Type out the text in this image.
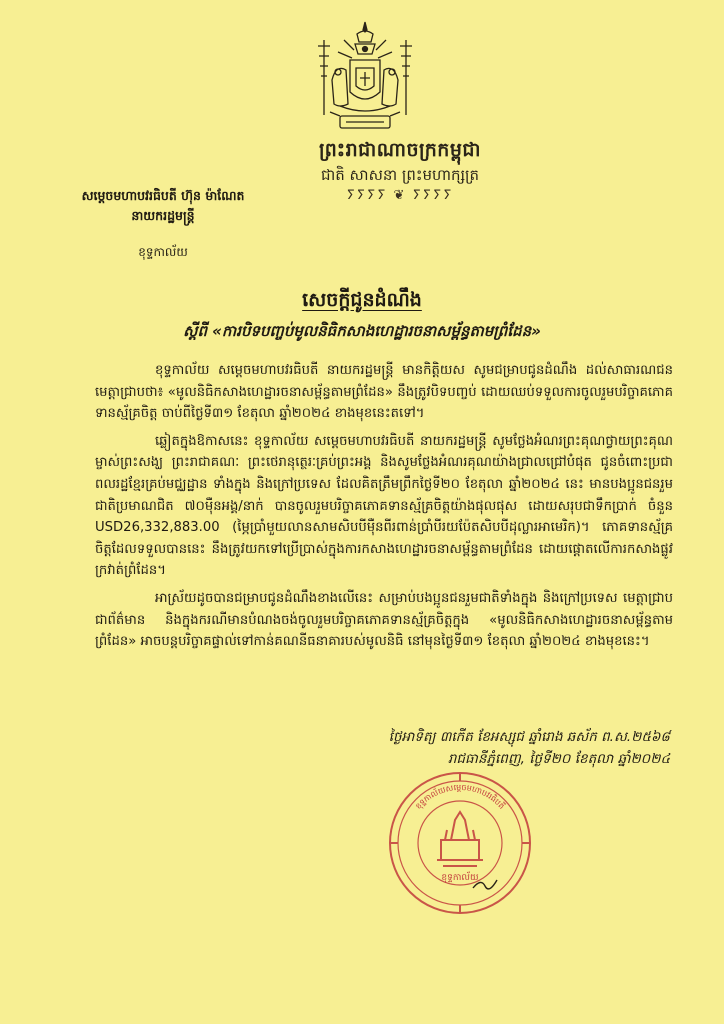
ព្រះរាជាណាចក្រកម្ពុជា
ជាតិ សាសនា ព្រះមហាក្សត្រ
ⵢⵢⵢⵢ ❦ ⵢⵢⵢⵢ
សម្តេចមហាបវរធិបតី ហ៊ុន ម៉ាណែត
នាយករដ្ឋមន្ត្រី
ខុទ្ទកាល័យ
សេចក្តីជូនដំណឹង
ស្តីពី «ការបិទបញ្ចប់មូលនិធិកសាងហេដ្ឋារចនាសម្ព័ន្ធតាមព្រំដែន»

ខុទ្ទកាល័យ សម្តេចមហាបវរធិបតី នាយករដ្ឋមន្ត្រី មានកិត្តិយស សូមជម្រាបជូនដំណឹង ដល់សាធារណជន មេត្តាជ្រាបថា៖ «មូលនិធិកសាងហេដ្ឋារចនាសម្ព័ន្ធតាមព្រំដែន» នឹងត្រូវបិទបញ្ចប់ ដោយឈប់ទទួលការចូលរួមបរិច្ចាគភោគទានស្ម័គ្រចិត្ត ចាប់ពីថ្ងៃទី៣១ ខែតុលា ឆ្នាំ២០២៤ ខាងមុខនេះតទៅ។

ឆ្លៀតក្នុងឱកាសនេះ ខុទ្ទកាល័យ សម្តេចមហាបវរធិបតី នាយករដ្ឋមន្ត្រី សូមថ្លែងអំណរព្រះគុណថ្វាយព្រះគុណម្ចាស់ព្រះសង្ឃ ព្រះរាជាគណៈ ព្រះថេរានុត្ថេរៈគ្រប់ព្រះអង្គ និងសូមថ្លែងអំណរគុណយ៉ាងជ្រាលជ្រៅបំផុត ជូនចំពោះប្រជាពលរដ្ឋខ្មែរគ្រប់មជ្ឈដ្ឋាន ទាំងក្នុង និងក្រៅប្រទេស ដែលគិតត្រឹមព្រឹកថ្ងៃទី២០ ខែតុលា ឆ្នាំ២០២៤ នេះ មានបងប្អូនជនរួមជាតិប្រមាណជិត ៧០ម៉ឺនអង្គ/នាក់ បានចូលរួមបរិច្ចាគភោគទានស្ម័គ្រចិត្តយ៉ាងផុលផុស ដោយសរុបជាទឹកប្រាក់ ចំនួន USD26,332,883.00 (ម្ភៃប្រាំមួយលានសាមសិបបីម៉ឺនពីរពាន់ប្រាំបីរយប៉ែតសិបបីដុល្លារអាមេរិក)។ ភោគទានស្ម័គ្រចិត្តដែលទទួលបាននេះ នឹងត្រូវយកទៅប្រើប្រាស់ក្នុងការកសាងហេដ្ឋារចនាសម្ព័ន្ធតាមព្រំដែន ដោយផ្តោតលើការកសាងផ្លូវក្រវាត់ព្រំដែន។

អាស្រ័យដូចបានជម្រាបជូនដំណឹងខាងលើនេះ សម្រាប់បងប្អូនជនរួមជាតិទាំងក្នុង និងក្រៅប្រទេស មេត្តាជ្រាបជាព័ត៌មាន និងក្នុងករណីមានបំណងចង់ចូលរួមបរិច្ចាគភោគទានស្ម័គ្រចិត្តក្នុង «មូលនិធិកសាងហេដ្ឋារចនាសម្ព័ន្ធតាមព្រំដែន» អាចបន្តបរិច្ចាគផ្ទាល់ទៅកាន់គណនីធនាគារបស់មូលនិធិ នៅមុនថ្ងៃទី៣១ ខែតុលា ឆ្នាំ២០២៤ ខាងមុខនេះ។

ថ្ងៃអាទិត្យ ៣កើត ខែអស្សុជ ឆ្នាំរោង ឆស័ក ព.ស.២៥៦៨
រាជធានីភ្នំពេញ, ថ្ងៃទី២០ ខែតុលា ឆ្នាំ២០២៤
ខុទ្ទកាល័យ
ខុទ្ទកាល័យសម្តេចមហាបវរធិបតី
